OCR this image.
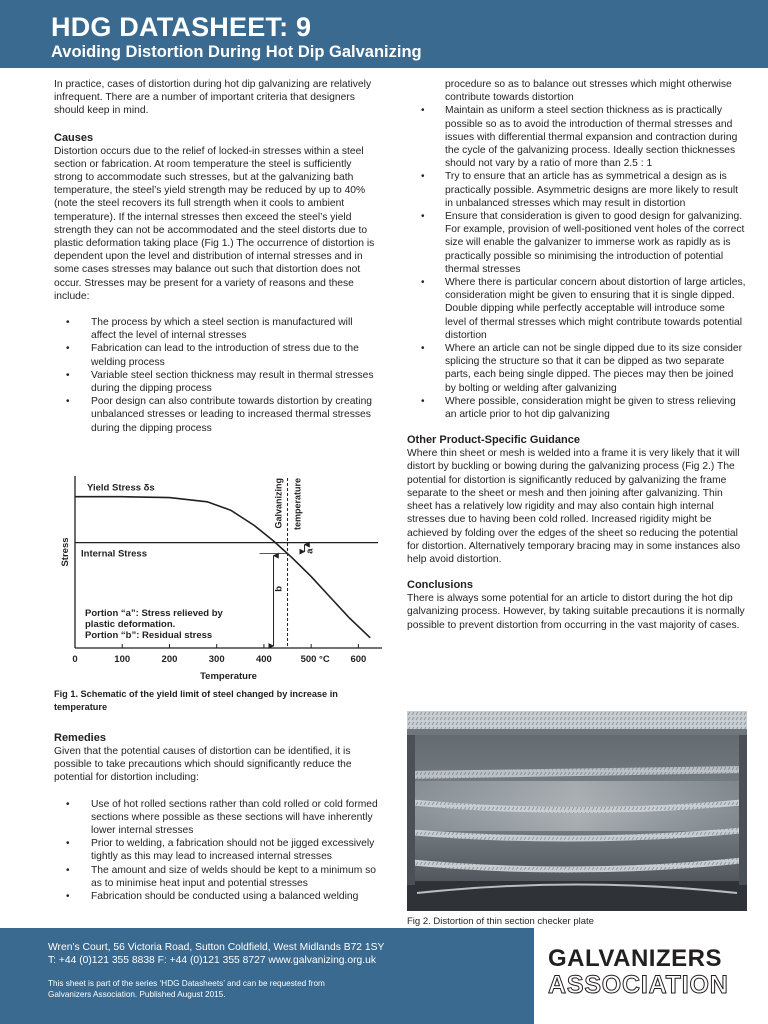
HDG DATASHEET: 9
Avoiding Distortion During Hot Dip Galvanizing

In practice, cases of distortion during hot dip galvanizing are relatively infrequent. There are a number of important criteria that designers should keep in mind.

Causes

Distortion occurs due to the relief of locked-in stresses within a steel section or fabrication. At room temperature the steel is sufficiently strong to accommodate such stresses, but at the galvanizing bath temperature, the steel’s yield strength may be reduced by up to 40% (note the steel recovers its full strength when it cools to ambient temperature). If the internal stresses then exceed the steel’s yield strength they can not be accommodated and the steel distorts due to plastic deformation taking place (Fig 1.) The occurrence of distortion is dependent upon the level and distribution of internal stresses and in some cases stresses may balance out such that distortion does not occur. Stresses may be present for a variety of reasons and these include:

• The process by which a steel section is manufactured will affect the level of internal stresses
• Fabrication can lead to the introduction of stress due to the welding process
• Variable steel section thickness may result in thermal stresses during the dipping process
• Poor design can also contribute towards distortion by creating unbalanced stresses or leading to increased thermal stresses during the dipping process
0	100	200	300	400	500 °C 600
Temperature
Stress Internal Stress
Yield Stress δs	Galvanizing temperature
a
b
Portion “a”: Stress relieved by
plastic deformation.
Portion “b”: Residual stress

Fig 1. Schematic of the yield limit of steel changed by increase in temperature

Remedies

Given that the potential causes of distortion can be identified, it is possible to take precautions which should significantly reduce the potential for distortion including:

• Use of hot rolled sections rather than cold rolled or cold formed sections where possible as these sections will have inherently lower internal stresses
• Prior to welding, a fabrication should not be jigged excessively tightly as this may lead to increased internal stresses
• The amount and size of welds should be kept to a minimum so as to minimise heat input and potential stresses
• Fabrication should be conducted using a balanced welding

procedure so as to balance out stresses which might otherwise contribute towards distortion

• Maintain as uniform a steel section thickness as is practically possible so as to avoid the introduction of thermal stresses and issues with differential thermal expansion and contraction during the cycle of the galvanizing process. Ideally section thicknesses should not vary by a ratio of more than 2.5 : 1
• Try to ensure that an article has as symmetrical a design as is practically possible. Asymmetric designs are more likely to result in unbalanced stresses which may result in distortion
• Ensure that consideration is given to good design for galvanizing. For example, provision of well-positioned vent holes of the correct size will enable the galvanizer to immerse work as rapidly as is practically possible so minimising the introduction of potential thermal stresses
• Where there is particular concern about distortion of large articles, consideration might be given to ensuring that it is single dipped. Double dipping while perfectly acceptable will introduce some level of thermal stresses which might contribute towards potential distortion
• Where an article can not be single dipped due to its size consider splicing the structure so that it can be dipped as two separate parts, each being single dipped. The pieces may then be joined by bolting or welding after galvanizing
• Where possible, consideration might be given to stress relieving an article prior to hot dip galvanizing
Other Product-Specific Guidance

Where thin sheet or mesh is welded into a frame it is very likely that it will distort by buckling or bowing during the galvanizing process (Fig 2.) The potential for distortion is significantly reduced by galvanizing the frame separate to the sheet or mesh and then joining after galvanizing. Thin sheet has a relatively low rigidity and may also contain high internal stresses due to having been cold rolled. Increased rigidity might be achieved by folding over the edges of the sheet so reducing the potential for distortion. Alternatively temporary bracing may in some instances also help avoid distortion.

Conclusions

There is always some potential for an article to distort during the hot dip galvanizing process. However, by taking suitable precautions it is normally possible to prevent distortion from occurring in the vast majority of cases.

Fig 2. Distortion of thin section checker plate

Wren’s Court, 56 Victoria Road, Sutton Coldfield, West Midlands B72 1SY
T: +44 (0)121 355 8838 F: +44 (0)121 355 8727 www.galvanizing.org.uk
This sheet is part of the series ‘HDG Datasheets’ and can be requested from
Galvanizers Association. Published August 2015.
GALVANIZERS
ASSOCIATION
